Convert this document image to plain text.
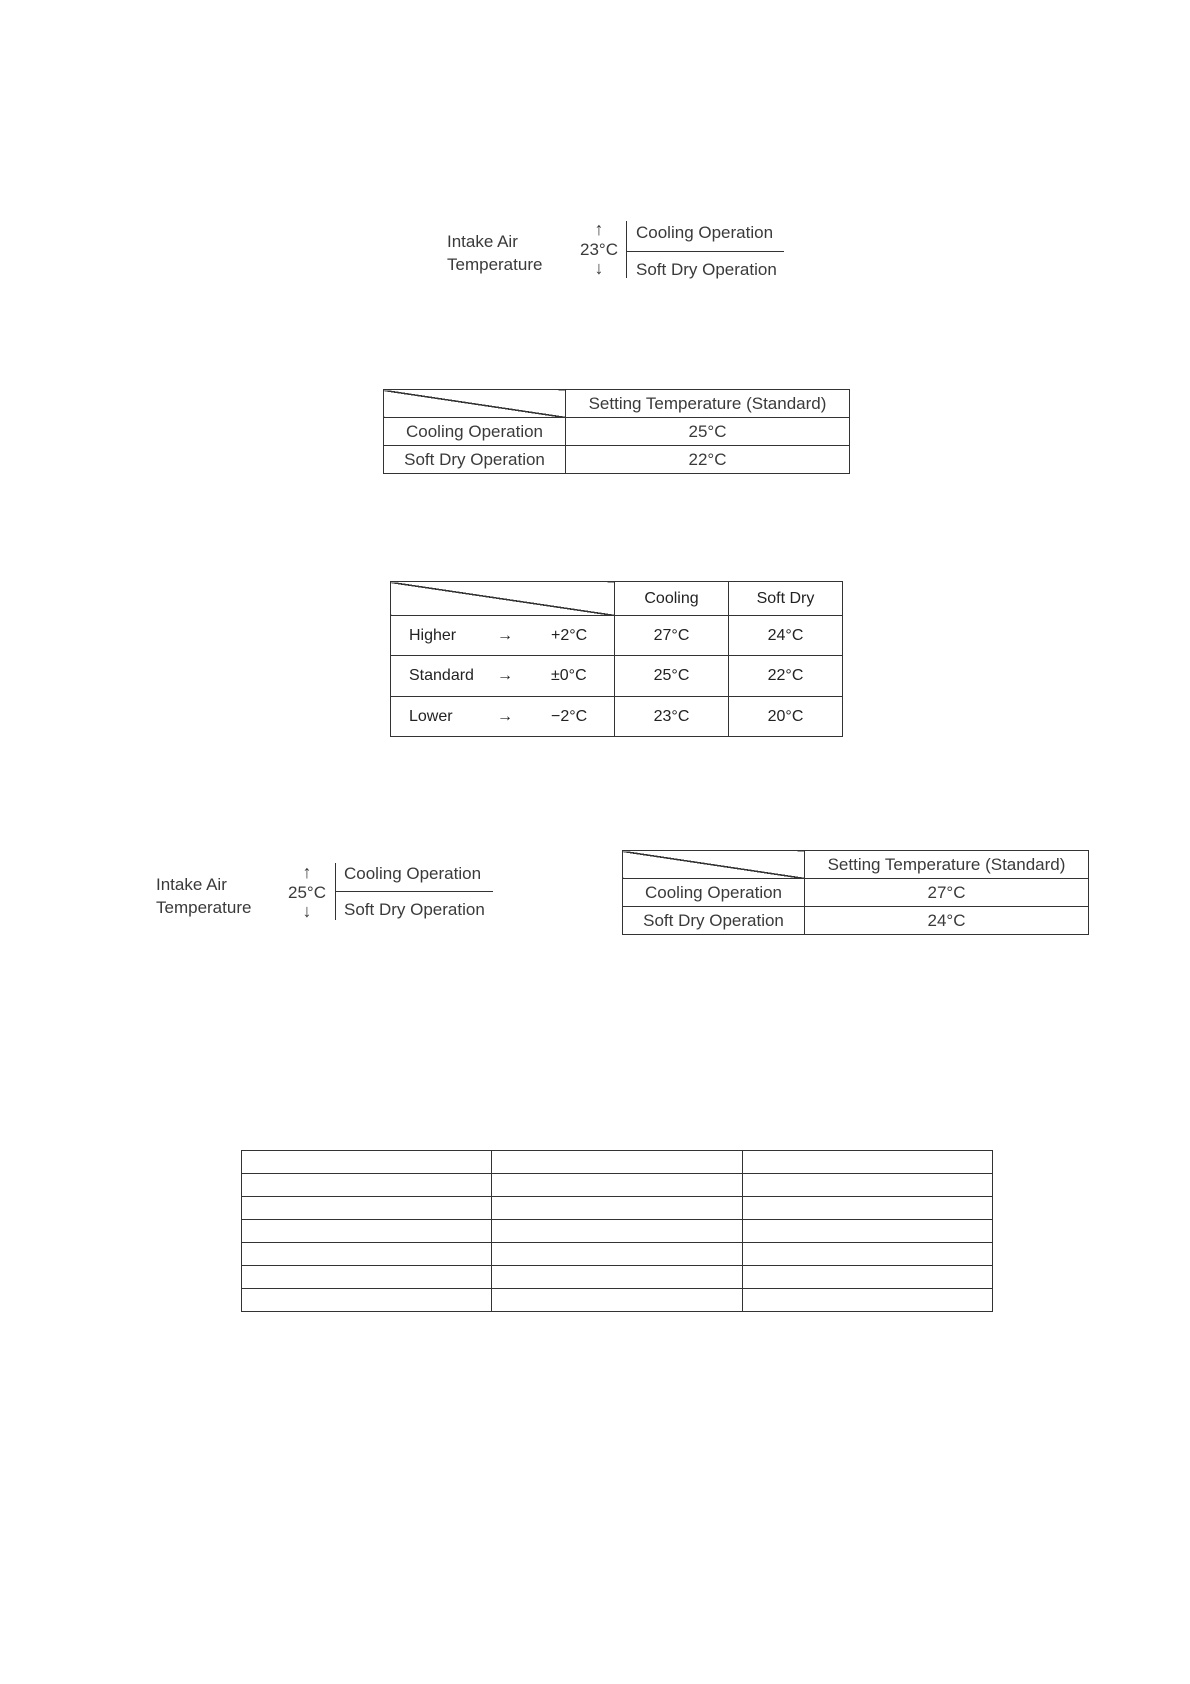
Intake Air
Temperature
↑
23°C
↓
Cooling Operation
Soft Dry Operation
	Setting Temperature (Standard)
Cooling Operation	25°C
Soft Dry Operation	22°C
	Cooling	Soft Dry

Higher → +2°C	27°C	24°C

Standard → ±0°C	25°C	22°C

Lower → −2°C	23°C	20°C
Intake Air
Temperature
↑
25°C
↓
Cooling Operation
Soft Dry Operation
	Setting Temperature (Standard)
Cooling Operation	27°C
Soft Dry Operation	24°C
